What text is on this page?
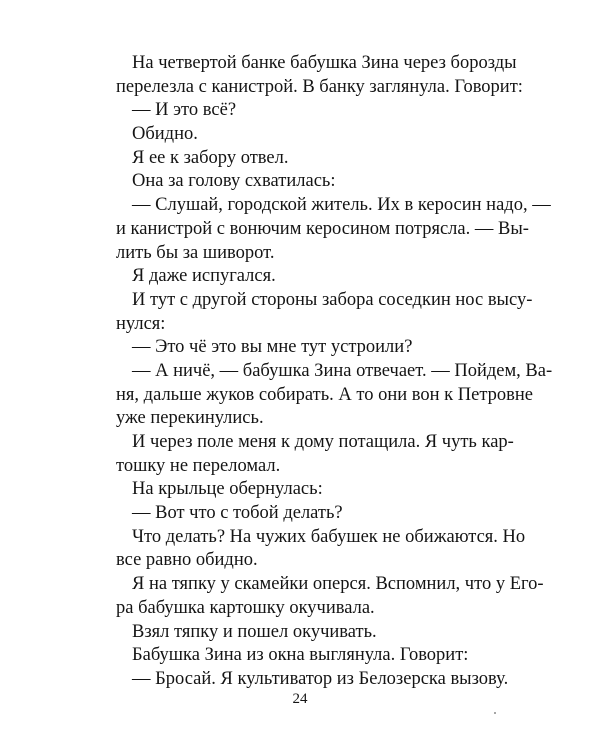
На четвертой банке бабушка Зина через борозды
перелезла с канистрой. В банку заглянула. Говорит:
— И это всё?
Обидно.
Я ее к забору отвел.
Она за голову схватилась:
— Слушай, городской житель. Их в керосин надо, —
и канистрой с вонючим керосином потрясла. — Вы-
лить бы за шиворот.
Я даже испугался.
И тут с другой стороны забора соседкин нос высу-
нулся:
— Это чё это вы мне тут устроили?
— А ничё, — бабушка Зина отвечает. — Пойдем, Ва-
ня, дальше жуков собирать. А то они вон к Петровне
уже перекинулись.
И через поле меня к дому потащила. Я чуть кар-
тошку не переломал.
На крыльце обернулась:
— Вот что с тобой делать?
Что делать? На чужих бабушек не обижаются. Но
все равно обидно.
Я на тяпку у скамейки оперся. Вспомнил, что у Его-
ра бабушка картошку окучивала.
Взял тяпку и пошел окучивать.
Бабушка Зина из окна выглянула. Говорит:
— Бросай. Я культиватор из Белозерска вызову.
24
